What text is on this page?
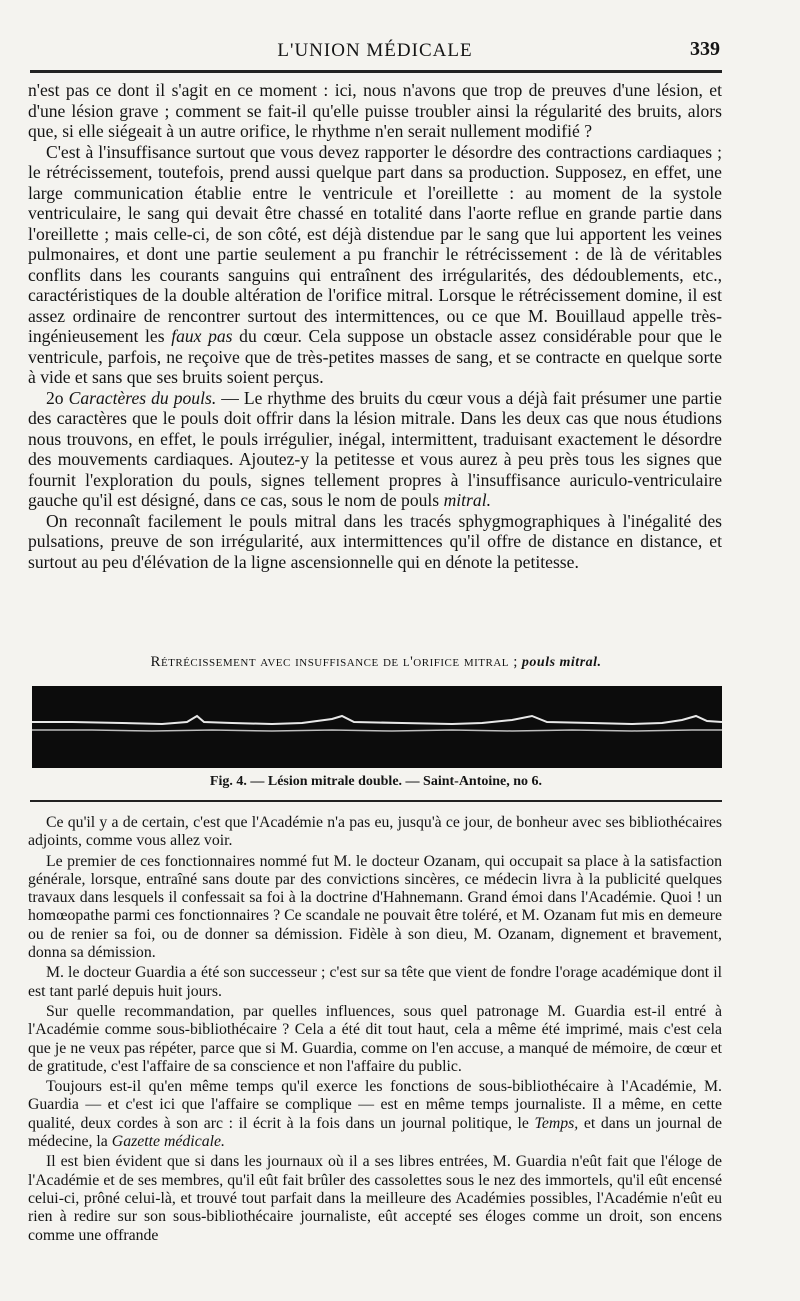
L'UNION MÉDICALE	339

n'est pas ce dont il s'agit en ce moment : ici, nous n'avons que trop de preuves d'une lésion, et d'une lésion grave ; comment se fait-il qu'elle puisse troubler ainsi la régularité des bruits, alors que, si elle siégeait à un autre orifice, le rhythme n'en serait nullement modifié ?

C'est à l'insuffisance surtout que vous devez rapporter le désordre des contractions cardiaques ; le rétrécissement, toutefois, prend aussi quelque part dans sa production. Supposez, en effet, une large communication établie entre le ventricule et l'oreillette : au moment de la systole ventriculaire, le sang qui devait être chassé en totalité dans l'aorte reflue en grande partie dans l'oreillette ; mais celle-ci, de son côté, est déjà distendue par le sang que lui apportent les veines pulmonaires, et dont une partie seulement a pu franchir le rétrécissement : de là de véritables conflits dans les courants sanguins qui entraînent des irrégularités, des dédoublements, etc., caractéristiques de la double altération de l'orifice mitral. Lorsque le rétrécissement domine, il est assez ordinaire de rencontrer surtout des intermittences, ou ce que M. Bouillaud appelle très-ingénieusement les faux pas du cœur. Cela suppose un obstacle assez considérable pour que le ventricule, parfois, ne reçoive que de très-petites masses de sang, et se contracte en quelque sorte à vide et sans que ses bruits soient perçus.

2o Caractères du pouls. — Le rhythme des bruits du cœur vous a déjà fait présumer une partie des caractères que le pouls doit offrir dans la lésion mitrale. Dans les deux cas que nous étudions nous trouvons, en effet, le pouls irrégulier, inégal, intermittent, traduisant exactement le désordre des mouvements cardiaques. Ajoutez-y la petitesse et vous aurez à peu près tous les signes que fournit l'exploration du pouls, signes tellement propres à l'insuffisance auriculo-ventriculaire gauche qu'il est désigné, dans ce cas, sous le nom de pouls mitral.

On reconnaît facilement le pouls mitral dans les tracés sphygmographiques à l'inégalité des pulsations, preuve de son irrégularité, aux intermittences qu'il offre de distance en distance, et surtout au peu d'élévation de la ligne ascensionnelle qui en dénote la petitesse.

Rétrécissement avec insuffisance de l'orifice mitral ; pouls mitral.
Fig. 4. — Lésion mitrale double. — Saint-Antoine, no 6.

Ce qu'il y a de certain, c'est que l'Académie n'a pas eu, jusqu'à ce jour, de bonheur avec ses bibliothécaires adjoints, comme vous allez voir.

Le premier de ces fonctionnaires nommé fut M. le docteur Ozanam, qui occupait sa place à la satisfaction générale, lorsque, entraîné sans doute par des convictions sincères, ce médecin livra à la publicité quelques travaux dans lesquels il confessait sa foi à la doctrine d'Hahnemann. Grand émoi dans l'Académie. Quoi ! un homœopathe parmi ces fonctionnaires ? Ce scandale ne pouvait être toléré, et M. Ozanam fut mis en demeure ou de renier sa foi, ou de donner sa démission. Fidèle à son dieu, M. Ozanam, dignement et bravement, donna sa démission.

M. le docteur Guardia a été son successeur ; c'est sur sa tête que vient de fondre l'orage académique dont il est tant parlé depuis huit jours.

Sur quelle recommandation, par quelles influences, sous quel patronage M. Guardia est-il entré à l'Académie comme sous-bibliothécaire ? Cela a été dit tout haut, cela a même été imprimé, mais c'est cela que je ne veux pas répéter, parce que si M. Guardia, comme on l'en accuse, a manqué de mémoire, de cœur et de gratitude, c'est l'affaire de sa conscience et non l'affaire du public.

Toujours est-il qu'en même temps qu'il exerce les fonctions de sous-bibliothécaire à l'Académie, M. Guardia — et c'est ici que l'affaire se complique — est en même temps journaliste. Il a même, en cette qualité, deux cordes à son arc : il écrit à la fois dans un journal politique, le Temps, et dans un journal de médecine, la Gazette médicale.

Il est bien évident que si dans les journaux où il a ses libres entrées, M. Guardia n'eût fait que l'éloge de l'Académie et de ses membres, qu'il eût fait brûler des cassolettes sous le nez des immortels, qu'il eût encensé celui-ci, prôné celui-là, et trouvé tout parfait dans la meilleure des Académies possibles, l'Académie n'eût eu rien à redire sur son sous-bibliothécaire journaliste, eût accepté ses éloges comme un droit, son encens comme une offrande
